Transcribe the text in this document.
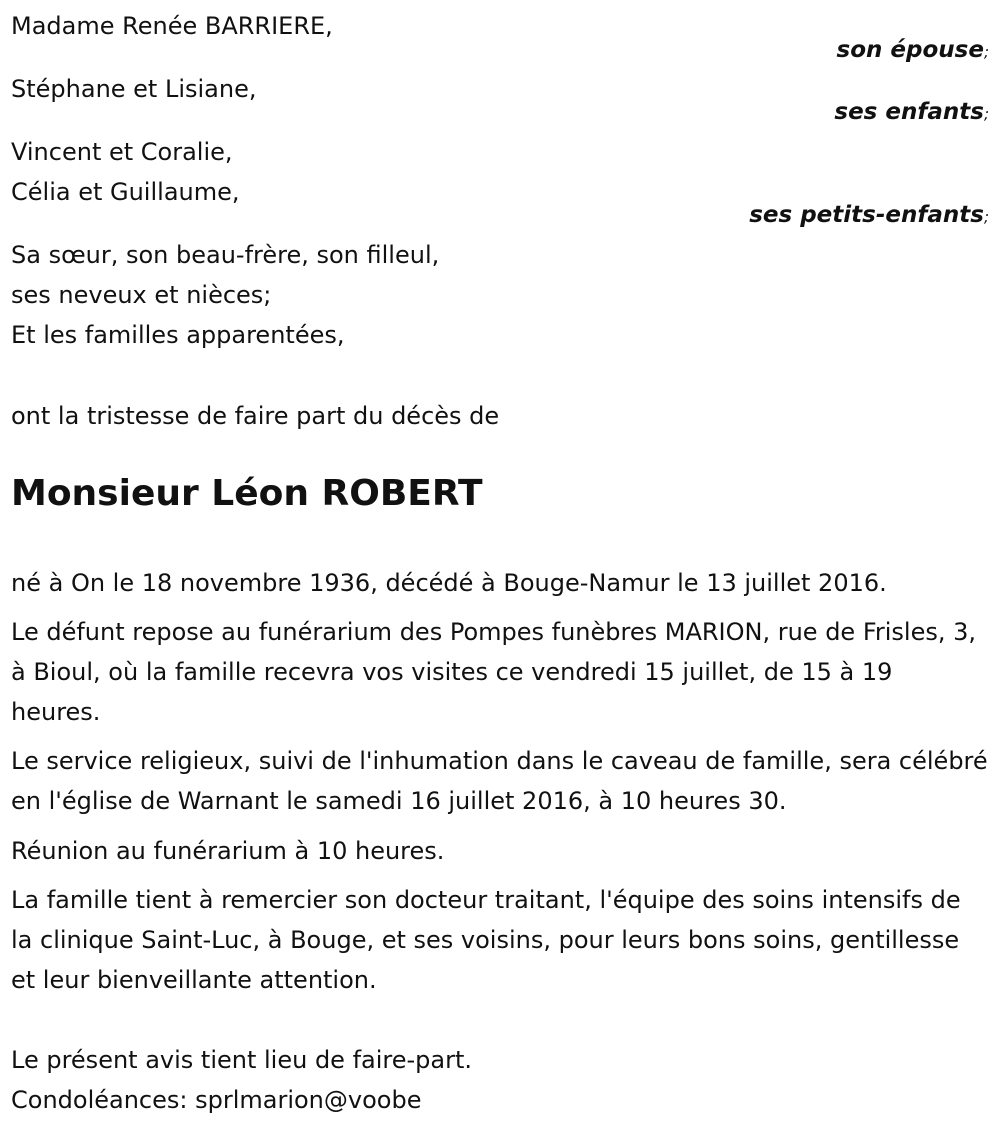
Madame Renée BARRIERE,
son épouse;
Stéphane et Lisiane,
ses enfants;
Vincent et Coralie,
Célia et Guillaume,
ses petits-enfants;
Sa sœur, son beau-frère, son filleul,
ses neveux et nièces;
Et les familles apparentées,
ont la tristesse de faire part du décès de
Monsieur Léon ROBERT
né à On le 18 novembre 1936, décédé à Bouge-Namur le 13 juillet 2016.
Le défunt repose au funérarium des Pompes funèbres MARION, rue de Frisles, 3, à Bioul, où la famille recevra vos visites ce vendredi 15 juillet, de 15 à 19 heures.
Le service religieux, suivi de l'inhumation dans le caveau de famille, sera célébré en l'église de Warnant le samedi 16 juillet 2016, à 10 heures 30.
Réunion au funérarium à 10 heures.
La famille tient à remercier son docteur traitant, l'équipe des soins intensifs de la clinique Saint-Luc, à Bouge, et ses voisins, pour leurs bons soins, gentillesse et leur bienveillante attention.
Le présent avis tient lieu de faire-part.
Condoléances: sprlmarion@voobe
